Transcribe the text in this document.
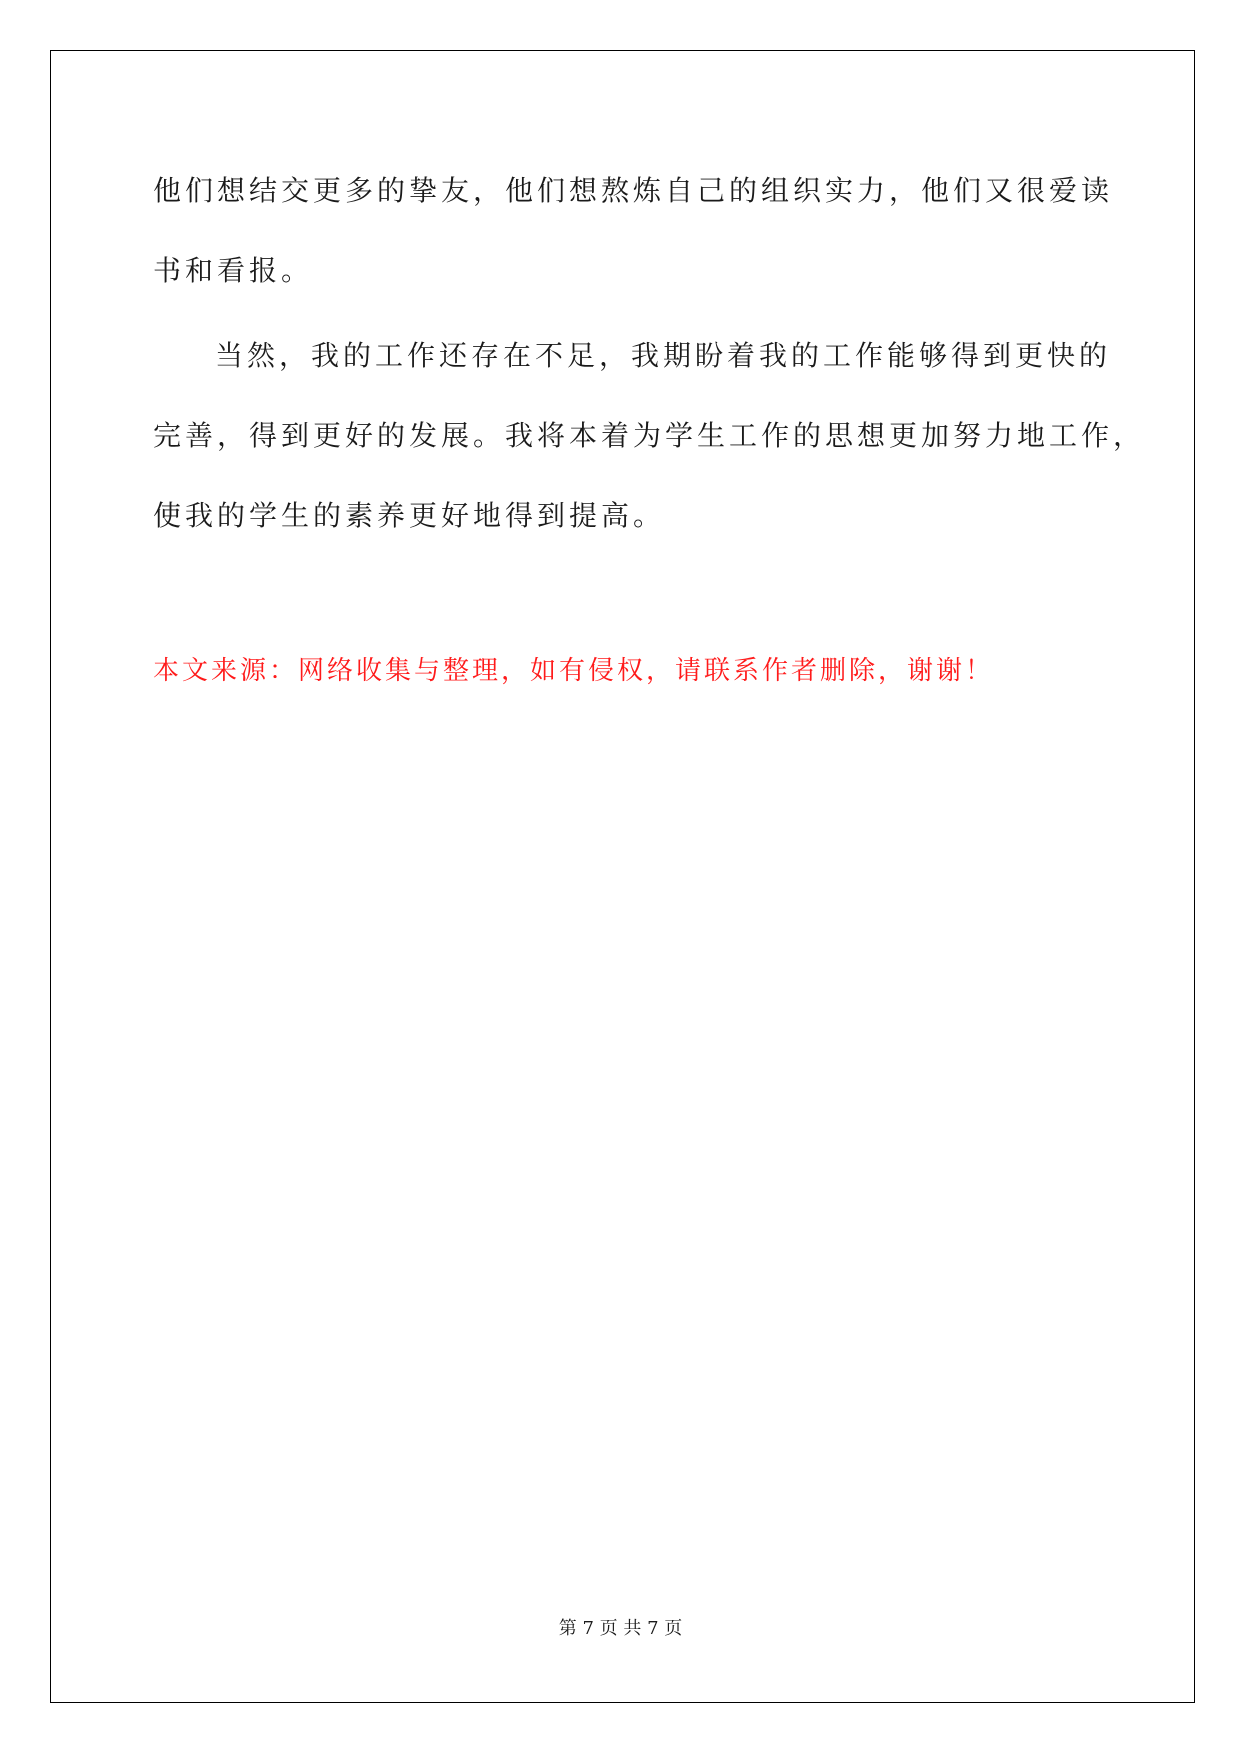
他们想结交更多的挚友，他们想熬炼自己的组织实力，他们又很爱读
书和看报。
当然，我的工作还存在不足，我期盼着我的工作能够得到更快的
完善，得到更好的发展。我将本着为学生工作的思想更加努力地工作，
使我的学生的素养更好地得到提高。
本文来源：网络收集与整理，如有侵权，请联系作者删除，谢谢！
第 7 页 共 7 页
